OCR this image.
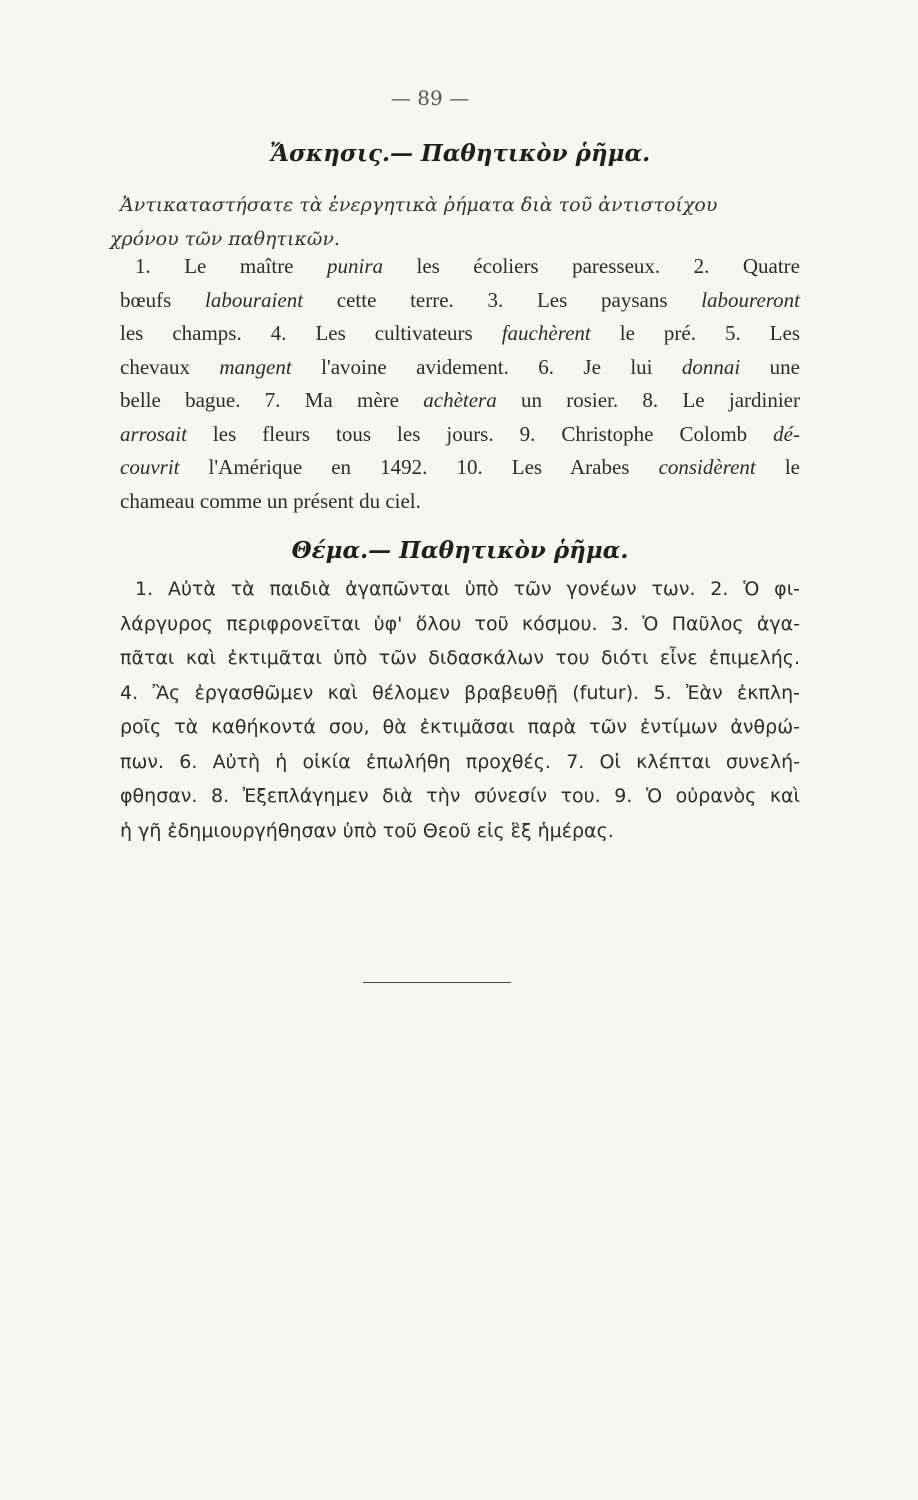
— 89 —
Ἄσκησις.— Παθητικὸν ῥῆμα.
Ἀντικαταστήσατε τὰ ἐνεργητικὰ ῥήματα διὰ τοῦ ἀντιστοίχου
χρόνου τῶν παθητικῶν.
1. Le maître punira les écoliers paresseux. 2. Quatre
bœufs labouraient cette terre. 3. Les paysans laboureront
les champs. 4. Les cultivateurs fauchèrent le pré. 5. Les
chevaux mangent l'avoine avidement. 6. Je lui donnai une
belle bague. 7. Ma mère achètera un rosier. 8. Le jardinier
arrosait les fleurs tous les jours. 9. Christophe Colomb dé-
couvrit l'Amérique en 1492. 10. Les Arabes considèrent le
chameau comme un présent du ciel.
Θέμα.— Παθητικὸν ῥῆμα.
1. Αὐτὰ τὰ παιδιὰ ἀγαπῶνται ὑπὸ τῶν γονέων των. 2. Ὁ φι-
λάργυρος περιφρονεῖται ὑφ' ὅλου τοῦ κόσμου. 3. Ὁ Παῦλος ἀγα-
πᾶται καὶ ἐκτιμᾶται ὑπὸ τῶν διδασκάλων του διότι εἶνε ἐπιμελής.
4. Ἂς ἐργασθῶμεν καὶ θέλομεν βραβευθῇ (futur). 5. Ἐὰν ἐκπλη-
ροῖς τὰ καθήκοντά σου, θὰ ἐκτιμᾶσαι παρὰ τῶν ἐντίμων ἀνθρώ-
πων. 6. Αὐτὴ ἡ οἰκία ἐπωλήθη προχθές. 7. Οἱ κλέπται συνελή-
φθησαν. 8. Ἐξεπλάγημεν διὰ τὴν σύνεσίν του. 9. Ὁ οὐρανὸς καὶ
ἡ γῆ ἐδημιουργήθησαν ὑπὸ τοῦ Θεοῦ εἰς ἓξ ἡμέρας.
